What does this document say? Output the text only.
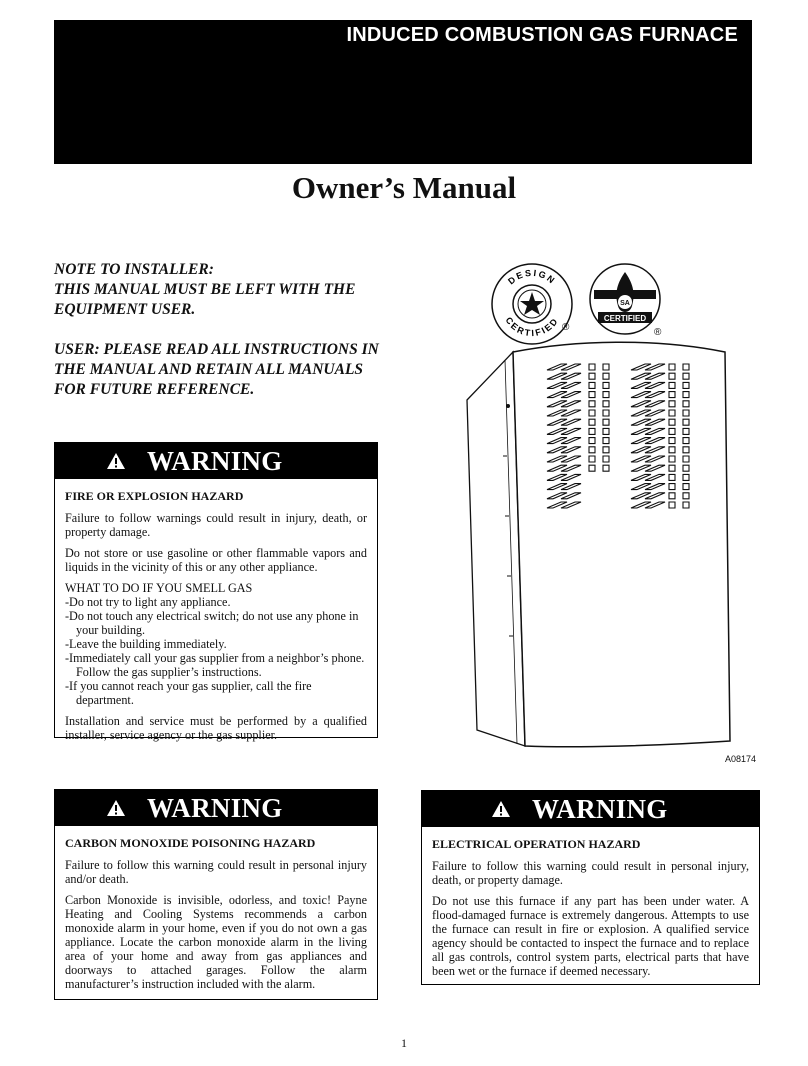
INDUCED COMBUSTION GAS FURNACE
Owner’s Manual

NOTE TO INSTALLER:
THIS MANUAL MUST BE LEFT WITH THE EQUIPMENT USER.

USER: PLEASE READ ALL INSTRUCTIONS IN THE MANUAL AND RETAIN ALL MANUALS FOR FUTURE REFERENCE.

DESIGN
CERTIFIED ®
SA
CERTIFIED
®
A08174
WARNING
FIRE OR EXPLOSION HAZARD

Failure to follow warnings could result in injury, death, or property damage.

Do not store or use gasoline or other flammable vapors and liquids in the vicinity of this or any other appliance.

WHAT TO DO IF YOU SMELL GAS

-Do not try to light any appliance.

-Do not touch any electrical switch; do not use any phone in your building.

-Leave the building immediately.

-Immediately call your gas supplier from a neighbor’s phone. Follow the gas supplier’s instructions.

-If you cannot reach your gas supplier, call the fire department.

Installation and service must be performed by a qualified installer, service agency or the gas supplier.

WARNING
CARBON MONOXIDE POISONING HAZARD

Failure to follow this warning could result in personal injury and/or death.

Carbon Monoxide is invisible, odorless, and toxic! Payne Heating and Cooling Systems recommends a carbon monoxide alarm in your home, even if you do not own a gas appliance. Locate the carbon monoxide alarm in the living area of your home and away from gas appliances and doorways to attached garages. Follow the alarm manufacturer’s instruction included with the alarm.

WARNING
ELECTRICAL OPERATION HAZARD

Failure to follow this warning could result in personal injury, death, or property damage.

Do not use this furnace if any part has been under water. A flood-damaged furnace is extremely dangerous. Attempts to use the furnace can result in fire or explosion. A qualified service agency should be contacted to inspect the furnace and to replace all gas controls, control system parts, electrical parts that have been wet or the furnace if deemed necessary.

1
